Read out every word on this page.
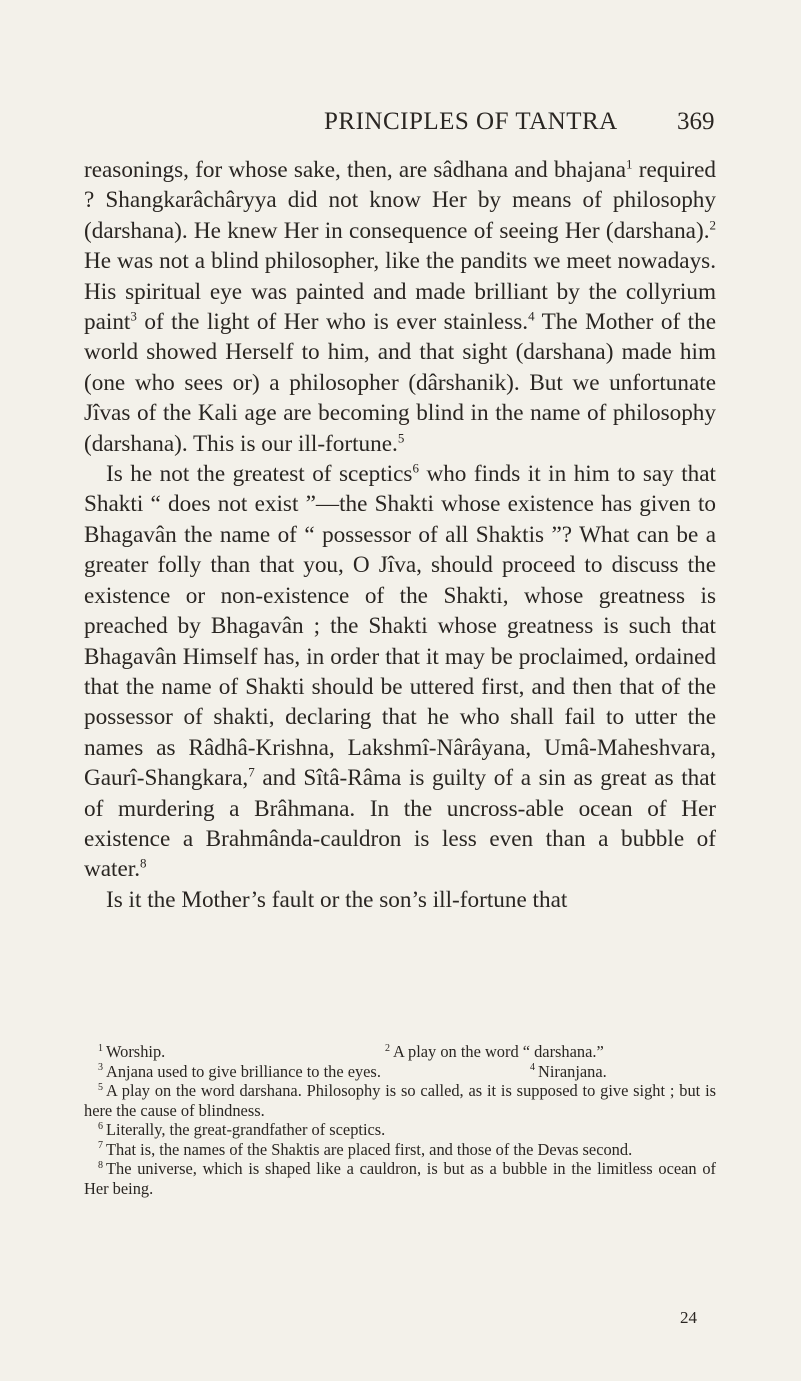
PRINCIPLES OF TANTRA 369

reasonings, for whose sake, then, are sâdhana and bhajana$^1$ required ? Shangkarâchâryya did not know Her by means of philosophy (darshana). He knew Her in consequence of seeing Her (darshana).$^2$ He was not a blind philosopher, like the pandits we meet nowadays. His spiritual eye was painted and made brilliant by the collyrium paint$^3$ of the light of Her who is ever stainless.$^4$ The Mother of the world showed Herself to him, and that sight (darshana) made him (one who sees or) a philosopher (dârshanik). But we unfortunate Jîvas of the Kali age are becoming blind in the name of philosophy (darshana). This is our ill-fortune.$^5$

Is he not the greatest of sceptics$^6$ who finds it in him to say that Shakti “ does not exist ”—the Shakti whose existence has given to Bhagavân the name of “ possessor of all Shaktis ”? What can be a greater folly than that you, O Jîva, should proceed to discuss the existence or non-existence of the Shakti, whose greatness is preached by Bhagavân ; the Shakti whose greatness is such that Bhagavân Himself has, in order that it may be proclaimed, ordained that the name of Shakti should be uttered first, and then that of the possessor of shakti, declaring that he who shall fail to utter the names as Râdhâ-Krishna, Lakshmî-Nârâyana, Umâ-Maheshvara, Gaurî-Shangkara,$^7$ and Sîtâ-Râma is guilty of a sin as great as that of murdering a Brâhmana. In the uncross-able ocean of Her existence a Brahmânda-cauldron is less even than a bubble of water.$^8$

Is it the Mother’s fault or the son’s ill-fortune that

$^1$ Worship.	$^2$ A play on the word “ darshana.”
$^3$ Anjana used to give brilliance to the eyes.	$^4$ Niranjana.
$^5$ A play on the word darshana. Philosophy is so called, as it is supposed to give sight ; but is here the cause of blindness.
$^6$ Literally, the great-grandfather of sceptics.
$^7$ That is, the names of the Shaktis are placed first, and those of the Devas second.
$^8$ The universe, which is shaped like a cauldron, is but as a bubble in the limitless ocean of Her being.
24
